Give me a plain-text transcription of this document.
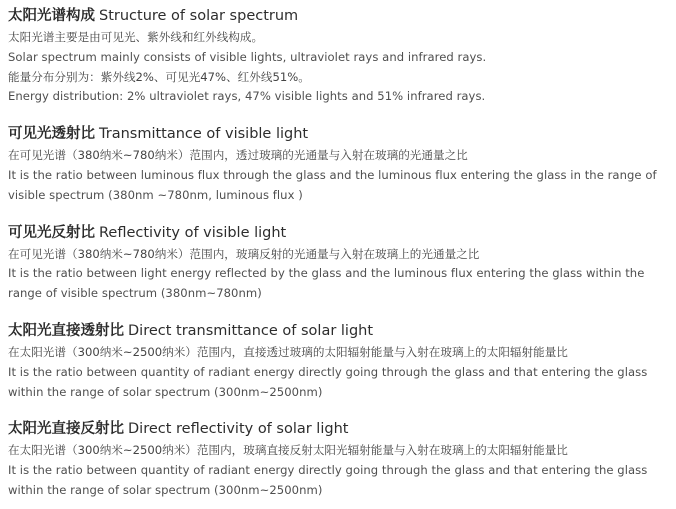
太阳光谱构成 Structure of solar spectrum
太阳光谱主要是由可见光、紫外线和红外线构成。
Solar spectrum mainly consists of visible lights, ultraviolet rays and infrared rays.
能量分布分别为：紫外线2%、可见光47%、红外线51%。
Energy distribution: 2% ultraviolet rays, 47% visible lights and 51% infrared rays.
可见光透射比 Transmittance of visible light
在可见光谱（380纳米~780纳米）范围内，透过玻璃的光通量与入射在玻璃的光通量之比
It is the ratio between luminous flux through the glass and the luminous flux entering the glass in the range of visible spectrum (380nm ~780nm, luminous flux )
可见光反射比 Reflectivity of visible light
在可见光谱（380纳米~780纳米）范围内，玻璃反射的光通量与入射在玻璃上的光通量之比
It is the ratio between light energy reflected by the glass and the luminous flux entering the glass within the range of visible spectrum (380nm~780nm)
太阳光直接透射比 Direct transmittance of solar light
在太阳光谱（300纳米~2500纳米）范围内，直接透过玻璃的太阳辐射能量与入射在玻璃上的太阳辐射能量比
It is the ratio between quantity of radiant energy directly going through the glass and that entering the glass within the range of solar spectrum (300nm~2500nm)
太阳光直接反射比 Direct reflectivity of solar light
在太阳光谱（300纳米~2500纳米）范围内，玻璃直接反射太阳光辐射能量与入射在玻璃上的太阳辐射能量比
It is the ratio between quantity of radiant energy directly going through the glass and that entering the glass within the range of solar spectrum (300nm~2500nm)
